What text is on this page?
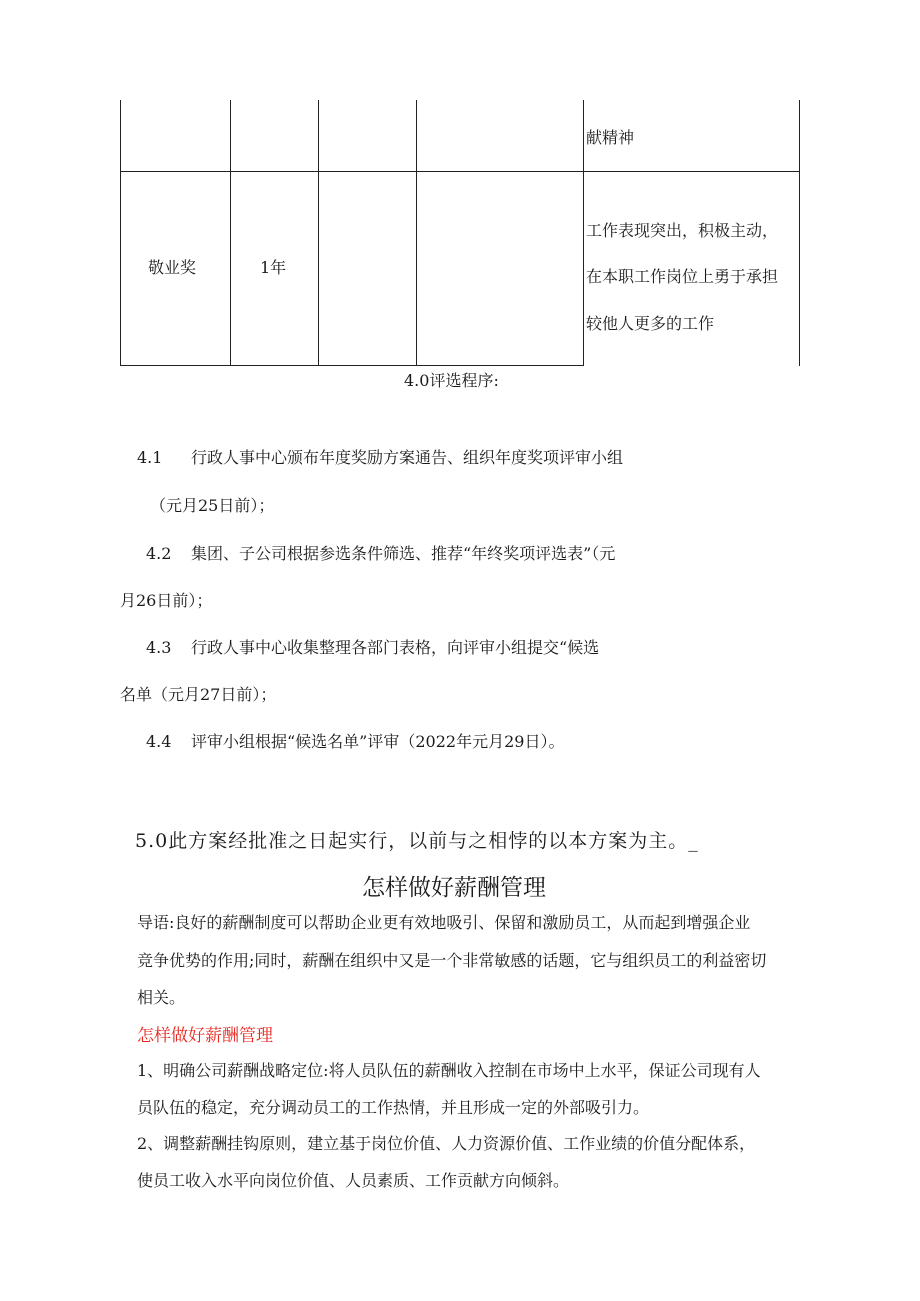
献精神
敬业奖	1年
工作表现突出，积极主动，
在本职工作岗位上勇于承担
较他人更多的工作
4.0评选程序:
4.1 行政人事中心颁布年度奖励方案通告、组织年度奖项评审小组
（元月25日前）；
4.2 集团、子公司根据参选条件筛选、推荐“年终奖项评选表”（元
月26日前）；
4.3 行政人事中心收集整理各部门表格，向评审小组提交“候选
名单（元月27日前）；
4.4 评审小组根据“候选名单”评审（2022年元月29日）。
5.0此方案经批准之日起实行，以前与之相悖的以本方案为主。_
怎样做好薪酬管理
导语:良好的薪酬制度可以帮助企业更有效地吸引、保留和激励员工，从而起到增强企业
竞争优势的作用;同时，薪酬在组织中又是一个非常敏感的话题，它与组织员工的利益密切
相关。
怎样做好薪酬管理
1、明确公司薪酬战略定位:将人员队伍的薪酬收入控制在市场中上水平，保证公司现有人
员队伍的稳定，充分调动员工的工作热情，并且形成一定的外部吸引力。
2、调整薪酬挂钩原则，建立基于岗位价值、人力资源价值、工作业绩的价值分配体系，
使员工收入水平向岗位价值、人员素质、工作贡献方向倾斜。
